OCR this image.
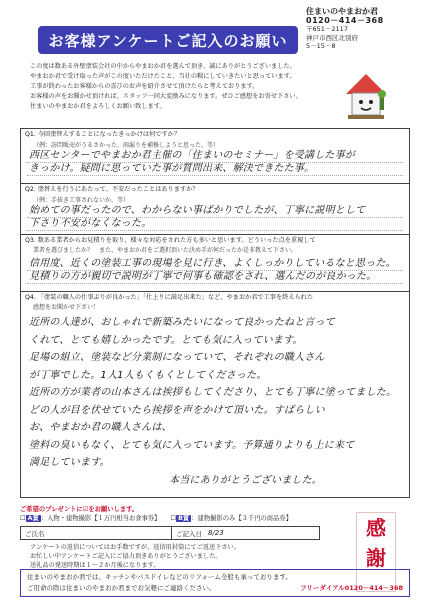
お客様アンケートご記入のお願い
住まいのやまおか君
0120－414－368
〒651－2117
神戸市西区北別府
5－15－8
この度は数ある外壁塗装会社の中からやまおか君を選んで頂き、誠にありがとうございました。
やまおか君で受け取った声がこの度いただけたこと、当社の糧にしていきたいと思っています。
工事が終わったお客様からの喜びのお声を紹介させて頂けたらと考えております。
お客様の声をお聞かせ頂ければ、スタッフ一同大変励みになります。ぜひご感想をお寄せ下さい。
住まいのやまおか君をよろしくお願い致します。
Q1. 今回塗替えすることになったきっかけは何ですか？
（例：訪問販売がうるさかった、雨漏りを補修しようと思った、等）
西区センターでやまおか君主催の「住まいのセミナー」を受講した事が
きっかけ。疑問に思っていた事が質問出来、解決できたた事。
Q2. 塗替えを行うにあたって、不安だったことはありますか？
（例：手抜き工事されないか、等）
始めての事だったので、わからない事ばかりでしたが、丁寧に説明として
下さり不安がなくなった。
Q3. 数ある業者からお見積りを取り、様々な対応をされた方も多いと思います。どういった点を重視して
業者を選びましたか？　また、やまおか君をご選択頂いた決め手が何だったか是非教えて下さい。
信用度、近くの塗装工事の現場を見に行き、よくしっかりしているなと思った。
見積りの方が親切で説明が丁寧で何事も確認をされ、選んだのが良かった。
Q4. 「塗装の職人の仕事ぶりが良かった」「仕上りに満足出来た」など、やまおか君で工事を終えられた
感想をお聞かせ下さい！
近所の人達が、おしゃれで新築みたいになって良かったねと言って
くれて、とても嬉しかったです。とても気に入っています。
足場の組立、塗装など分業制になっていて、それぞれの職人さん
が丁寧でした。1人1人もくもくとしてくださった。
近所の方が業者の山本さんは挨拶もしてくださり、とても丁寧に塗ってました。
どの人が目を伏せていたら挨拶を声をかけて頂いた。すばらしい
お、やまおか君の職人さんは、
塗料の臭いもなく、とても気に入っています。予算通りよりも上に来て
満足しています。
本当にありがとうございました。
ご希望のプレゼントに☑をお願いします。
☐ A賞 ：入物・建物撮影【１万円相当お食事券】 ☐ B賞 ：建物撮影のみ【３千円の商品券】
ご氏名	ご記入日 8/23
アンケートの返信についてはお手数ですが、返信用封筒にてご返送下さい。
お忙しい中アンケートご記入にご協力頂きありがとうございました。
送礼品の発送時期は１～２か月後になります。
感
謝
住まいのやまおか君では、キッチンやバスドイレなどのリフォーム全般も承っております。
ご用命の際は住まいのやまおか君までお気軽にご連絡ください。	フリーダイアル0120－414－368
